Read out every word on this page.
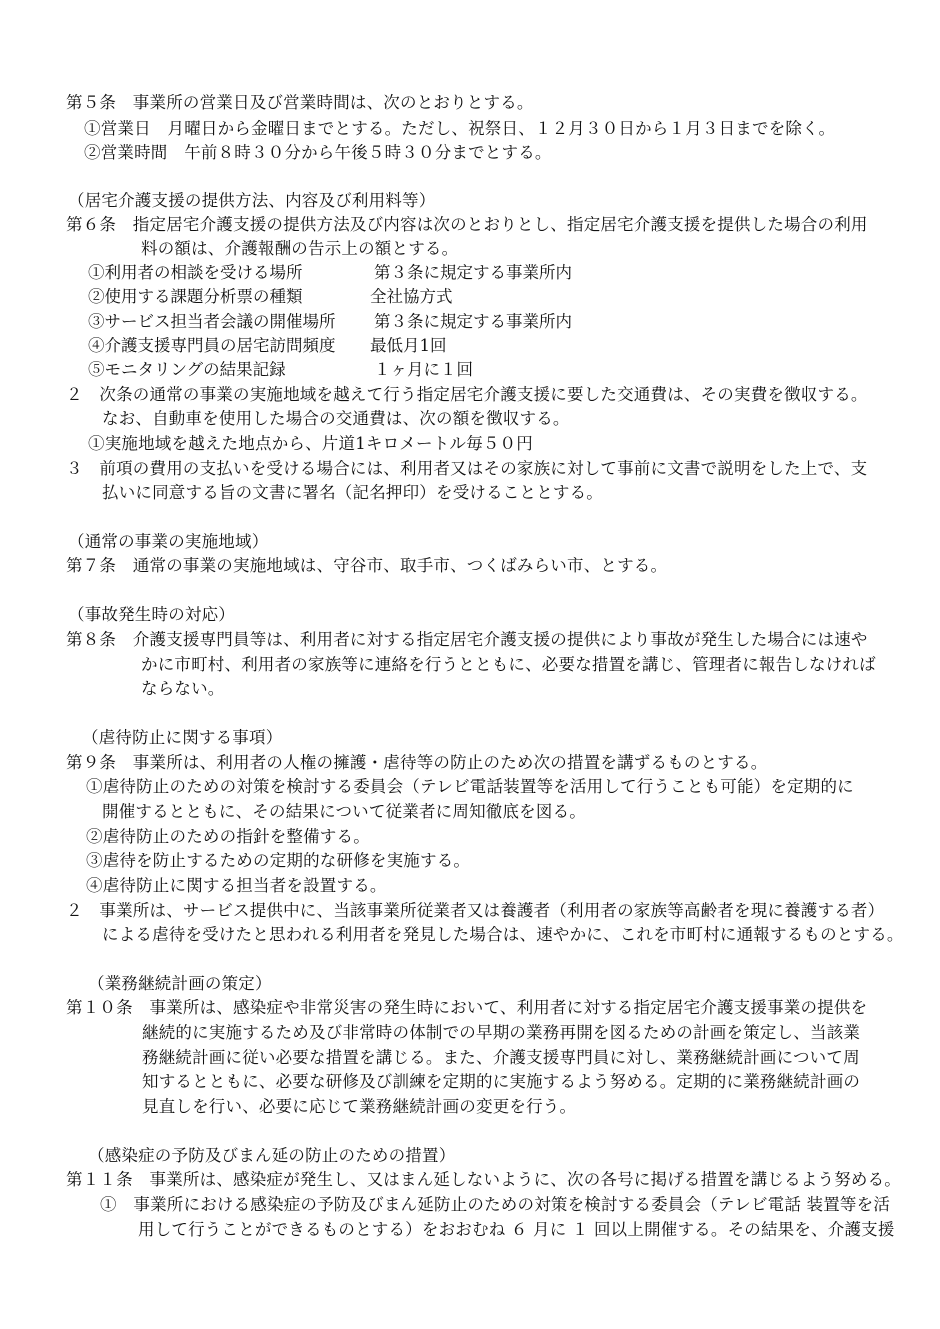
第５条　事業所の営業日及び営業時間は、次のとおりとする。
①営業日　月曜日から金曜日までとする。ただし、祝祭日、１２月３０日から１月３日までを除く。
②営業時間　午前８時３０分から午後５時３０分までとする。
（居宅介護支援の提供方法、内容及び利用料等）
第６条　指定居宅介護支援の提供方法及び内容は次のとおりとし、指定居宅介護支援を提供した場合の利用
料の額は、介護報酬の告示上の額とする。
①利用者の相談を受ける場所	第３条に規定する事業所内
②使用する課題分析票の種類	全社協方式
③サービス担当者会議の開催場所 第３条に規定する事業所内
④介護支援専門員の居宅訪問頻度 最低月1回
⑤モニタリングの結果記録	１ヶ月に１回
２　次条の通常の事業の実施地域を越えて行う指定居宅介護支援に要した交通費は、その実費を徴収する。
なお、自動車を使用した場合の交通費は、次の額を徴収する。
①実施地域を越えた地点から、片道1キロメートル毎５０円
３　前項の費用の支払いを受ける場合には、利用者又はその家族に対して事前に文書で説明をした上で、支
払いに同意する旨の文書に署名（記名押印）を受けることとする。
（通常の事業の実施地域）
第７条　通常の事業の実施地域は、守谷市、取手市、つくばみらい市、とする。
（事故発生時の対応）
第８条　介護支援専門員等は、利用者に対する指定居宅介護支援の提供により事故が発生した場合には速や
かに市町村、利用者の家族等に連絡を行うとともに、必要な措置を講じ、管理者に報告しなければ
ならない。
（虐待防止に関する事項）
第９条　事業所は、利用者の人権の擁護・虐待等の防止のため次の措置を講ずるものとする。
①虐待防止のための対策を検討する委員会（テレビ電話装置等を活用して行うことも可能）を定期的に
開催するとともに、その結果について従業者に周知徹底を図る。
②虐待防止のための指針を整備する。
③虐待を防止するための定期的な研修を実施する。
④虐待防止に関する担当者を設置する。
２　事業所は、サービス提供中に、当該事業所従業者又は養護者（利用者の家族等高齢者を現に養護する者）
による虐待を受けたと思われる利用者を発見した場合は、速やかに、これを市町村に通報するものとする。
（業務継続計画の策定）
第１０条　事業所は、感染症や非常災害の発生時において、利用者に対する指定居宅介護支援事業の提供を
継続的に実施するため及び非常時の体制での早期の業務再開を図るための計画を策定し、当該業
務継続計画に従い必要な措置を講じる。また、介護支援専門員に対し、業務継続計画について周
知するとともに、必要な研修及び訓練を定期的に実施するよう努める。定期的に業務継続計画の
見直しを行い、必要に応じて業務継続計画の変更を行う。
（感染症の予防及びまん延の防止のための措置）
第１１条　事業所は、感染症が発生し、又はまん延しないように、次の各号に掲げる措置を講じるよう努める。
①　事業所における感染症の予防及びまん延防止のための対策を検討する委員会（テレビ電話 装置等を活
用して行うことができるものとする）をおおむね ６ 月に １ 回以上開催する。その結果を、介護支援
